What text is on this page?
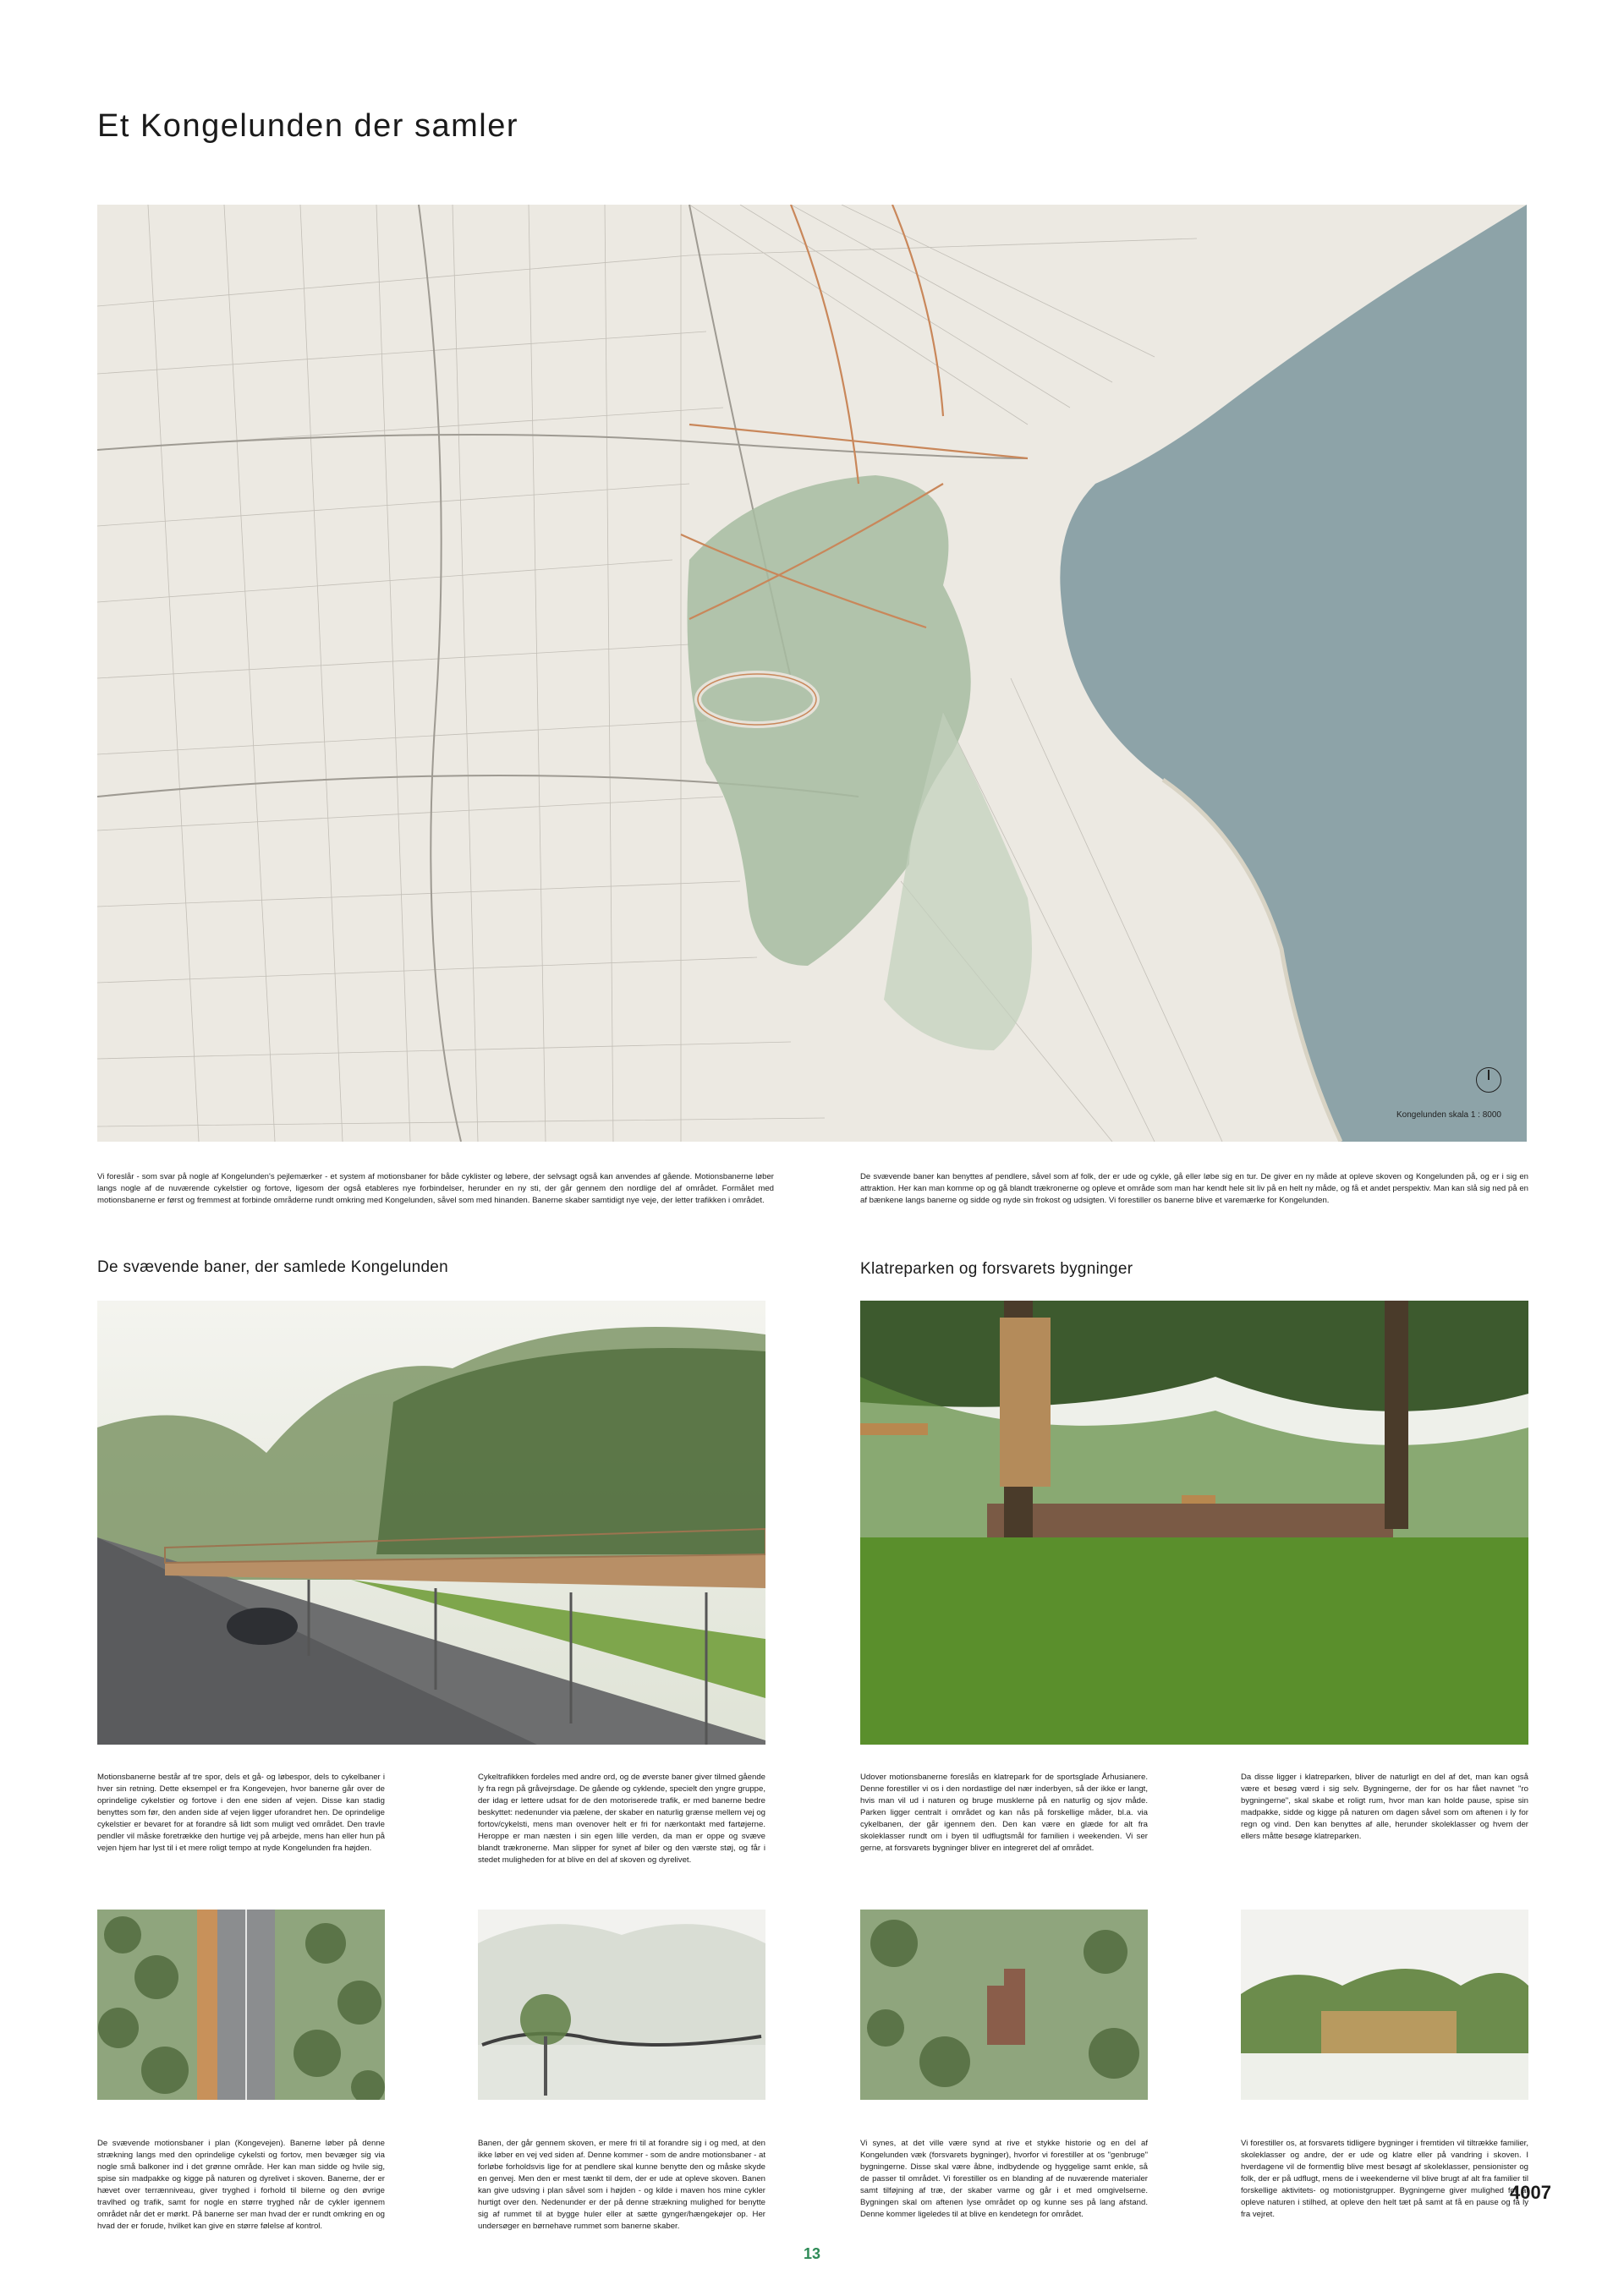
Et Kongelunden der samler
Kongelunden skala 1 : 8000

Vi foreslår - som svar på nogle af Kongelunden's pejlemærker - et system af motionsbaner for både cyklister og løbere, der selvsagt også kan anvendes af gående. Motionsbanerne løber langs nogle af de nuværende cykelstier og fortove, ligesom der også etableres nye forbindelser, herunder en ny sti, der går gennem den nordlige del af området. Formålet med motionsbanerne er først og fremmest at forbinde områderne rundt omkring med Kongelunden, såvel som med hinanden. Banerne skaber samtidigt nye veje, der letter trafikken i området.

De svævende baner kan benyttes af pendlere, såvel som af folk, der er ude og cykle, gå eller løbe sig en tur. De giver en ny måde at opleve skoven og Kongelunden på, og er i sig en attraktion. Her kan man komme op og gå blandt trækronerne og opleve et område som man har kendt hele sit liv på en helt ny måde, og få et andet perspektiv. Man kan slå sig ned på en af bænkene langs banerne og sidde og nyde sin frokost og udsigten. Vi forestiller os banerne blive et varemærke for Kongelunden.

De svævende baner, der samlede Kongelunden	Klatreparken og forsvarets bygninger

Motionsbanerne består af tre spor, dels et gå- og løbespor, dels to cykelbaner i hver sin retning. Dette eksempel er fra Kongevejen, hvor banerne går over de oprindelige cykelstier og fortove i den ene siden af vejen. Disse kan stadig benyttes som før, den anden side af vejen ligger uforandret hen. De oprindelige cykelstier er bevaret for at forandre så lidt som muligt ved området. Den travle pendler vil måske foretrække den hurtige vej på arbejde, mens han eller hun på vejen hjem har lyst til i et mere roligt tempo at nyde Kongelunden fra højden.

Cykeltrafikken fordeles med andre ord, og de øverste baner giver tilmed gående ly fra regn på gråvejrsdage. De gående og cyklende, specielt den yngre gruppe, der idag er lettere udsat for de den motoriserede trafik, er med banerne bedre beskyttet: nedenunder via pælene, der skaber en naturlig grænse mellem vej og fortov/cykelsti, mens man ovenover helt er fri for nærkontakt med fartøjerne. Heroppe er man næsten i sin egen lille verden, da man er oppe og svæve blandt trækronerne. Man slipper for synet af biler og den værste støj, og får i stedet muligheden for at blive en del af skoven og dyrelivet.

Udover motionsbanerne foreslås en klatrepark for de sportsglade Århusianere. Denne forestiller vi os i den nordastlige del nær inderbyen, så der ikke er langt, hvis man vil ud i naturen og bruge musklerne på en naturlig og sjov måde. Parken ligger centralt i området og kan nås på forskellige måder, bl.a. via cykelbanen, der går igennem den. Den kan være en glæde for alt fra skoleklasser rundt om i byen til udflugtsmål for familien i weekenden. Vi ser gerne, at forsvarets bygninger bliver en integreret del af området.

Da disse ligger i klatreparken, bliver de naturligt en del af det, man kan også være et besøg værd i sig selv. Bygningerne, der for os har fået navnet "ro bygningerne", skal skabe et roligt rum, hvor man kan holde pause, spise sin madpakke, sidde og kigge på naturen om dagen såvel som om aftenen i ly for regn og vind. Den kan benyttes af alle, herunder skoleklasser og hvem der ellers måtte besøge klatreparken.

De svævende motionsbaner i plan (Kongevejen). Banerne løber på denne strækning langs med den oprindelige cykelsti og fortov, men bevæger sig via nogle små balkoner ind i det grønne område. Her kan man sidde og hvile sig, spise sin madpakke og kigge på naturen og dyrelivet i skoven. Banerne, der er hævet over terrænniveau, giver tryghed i forhold til bilerne og den øvrige travlhed og trafik, samt for nogle en større tryghed når de cykler igennem området når det er mørkt. På banerne ser man hvad der er rundt omkring en og hvad der er forude, hvilket kan give en større følelse af kontrol.

Banen, der går gennem skoven, er mere fri til at forandre sig i og med, at den ikke løber en vej ved siden af. Denne kommer - som de andre motionsbaner - at forløbe forholdsvis lige for at pendlere skal kunne benytte den og måske skyde en genvej. Men den er mest tænkt til dem, der er ude at opleve skoven. Banen kan give udsving i plan såvel som i højden - og kilde i maven hos mine cykler hurtigt over den. Nedenunder er der på denne strækning mulighed for benytte sig af rummet til at bygge huler eller at sætte gynger/hængekøjer op. Her undersøger en børnehave rummet som banerne skaber.

Vi synes, at det ville være synd at rive et stykke historie og en del af Kongelunden væk (forsvarets bygninger), hvorfor vi forestiller at os "genbruge" bygningerne. Disse skal være åbne, indbydende og hyggelige samt enkle, så de passer til området. Vi forestiller os en blanding af de nuværende materialer samt tilføjning af træ, der skaber varme og går i et med omgivelserne. Bygningen skal om aftenen lyse området op og kunne ses på lang afstand. Denne kommer ligeledes til at blive en kendetegn for området.

Vi forestiller os, at forsvarets tidligere bygninger i fremtiden vil tiltrække familier, skoleklasser og andre, der er ude og klatre eller på vandring i skoven. I hverdagene vil de formentlig blive mest besøgt af skoleklasser, pensionister og folk, der er på udflugt, mens de i weekenderne vil blive brugt af alt fra familier til forskellige aktivitets- og motionistgrupper. Bygningerne giver mulighed for at opleve naturen i stilhed, at opleve den helt tæt på samt at få en pause og få ly fra vejret.

4007
13
